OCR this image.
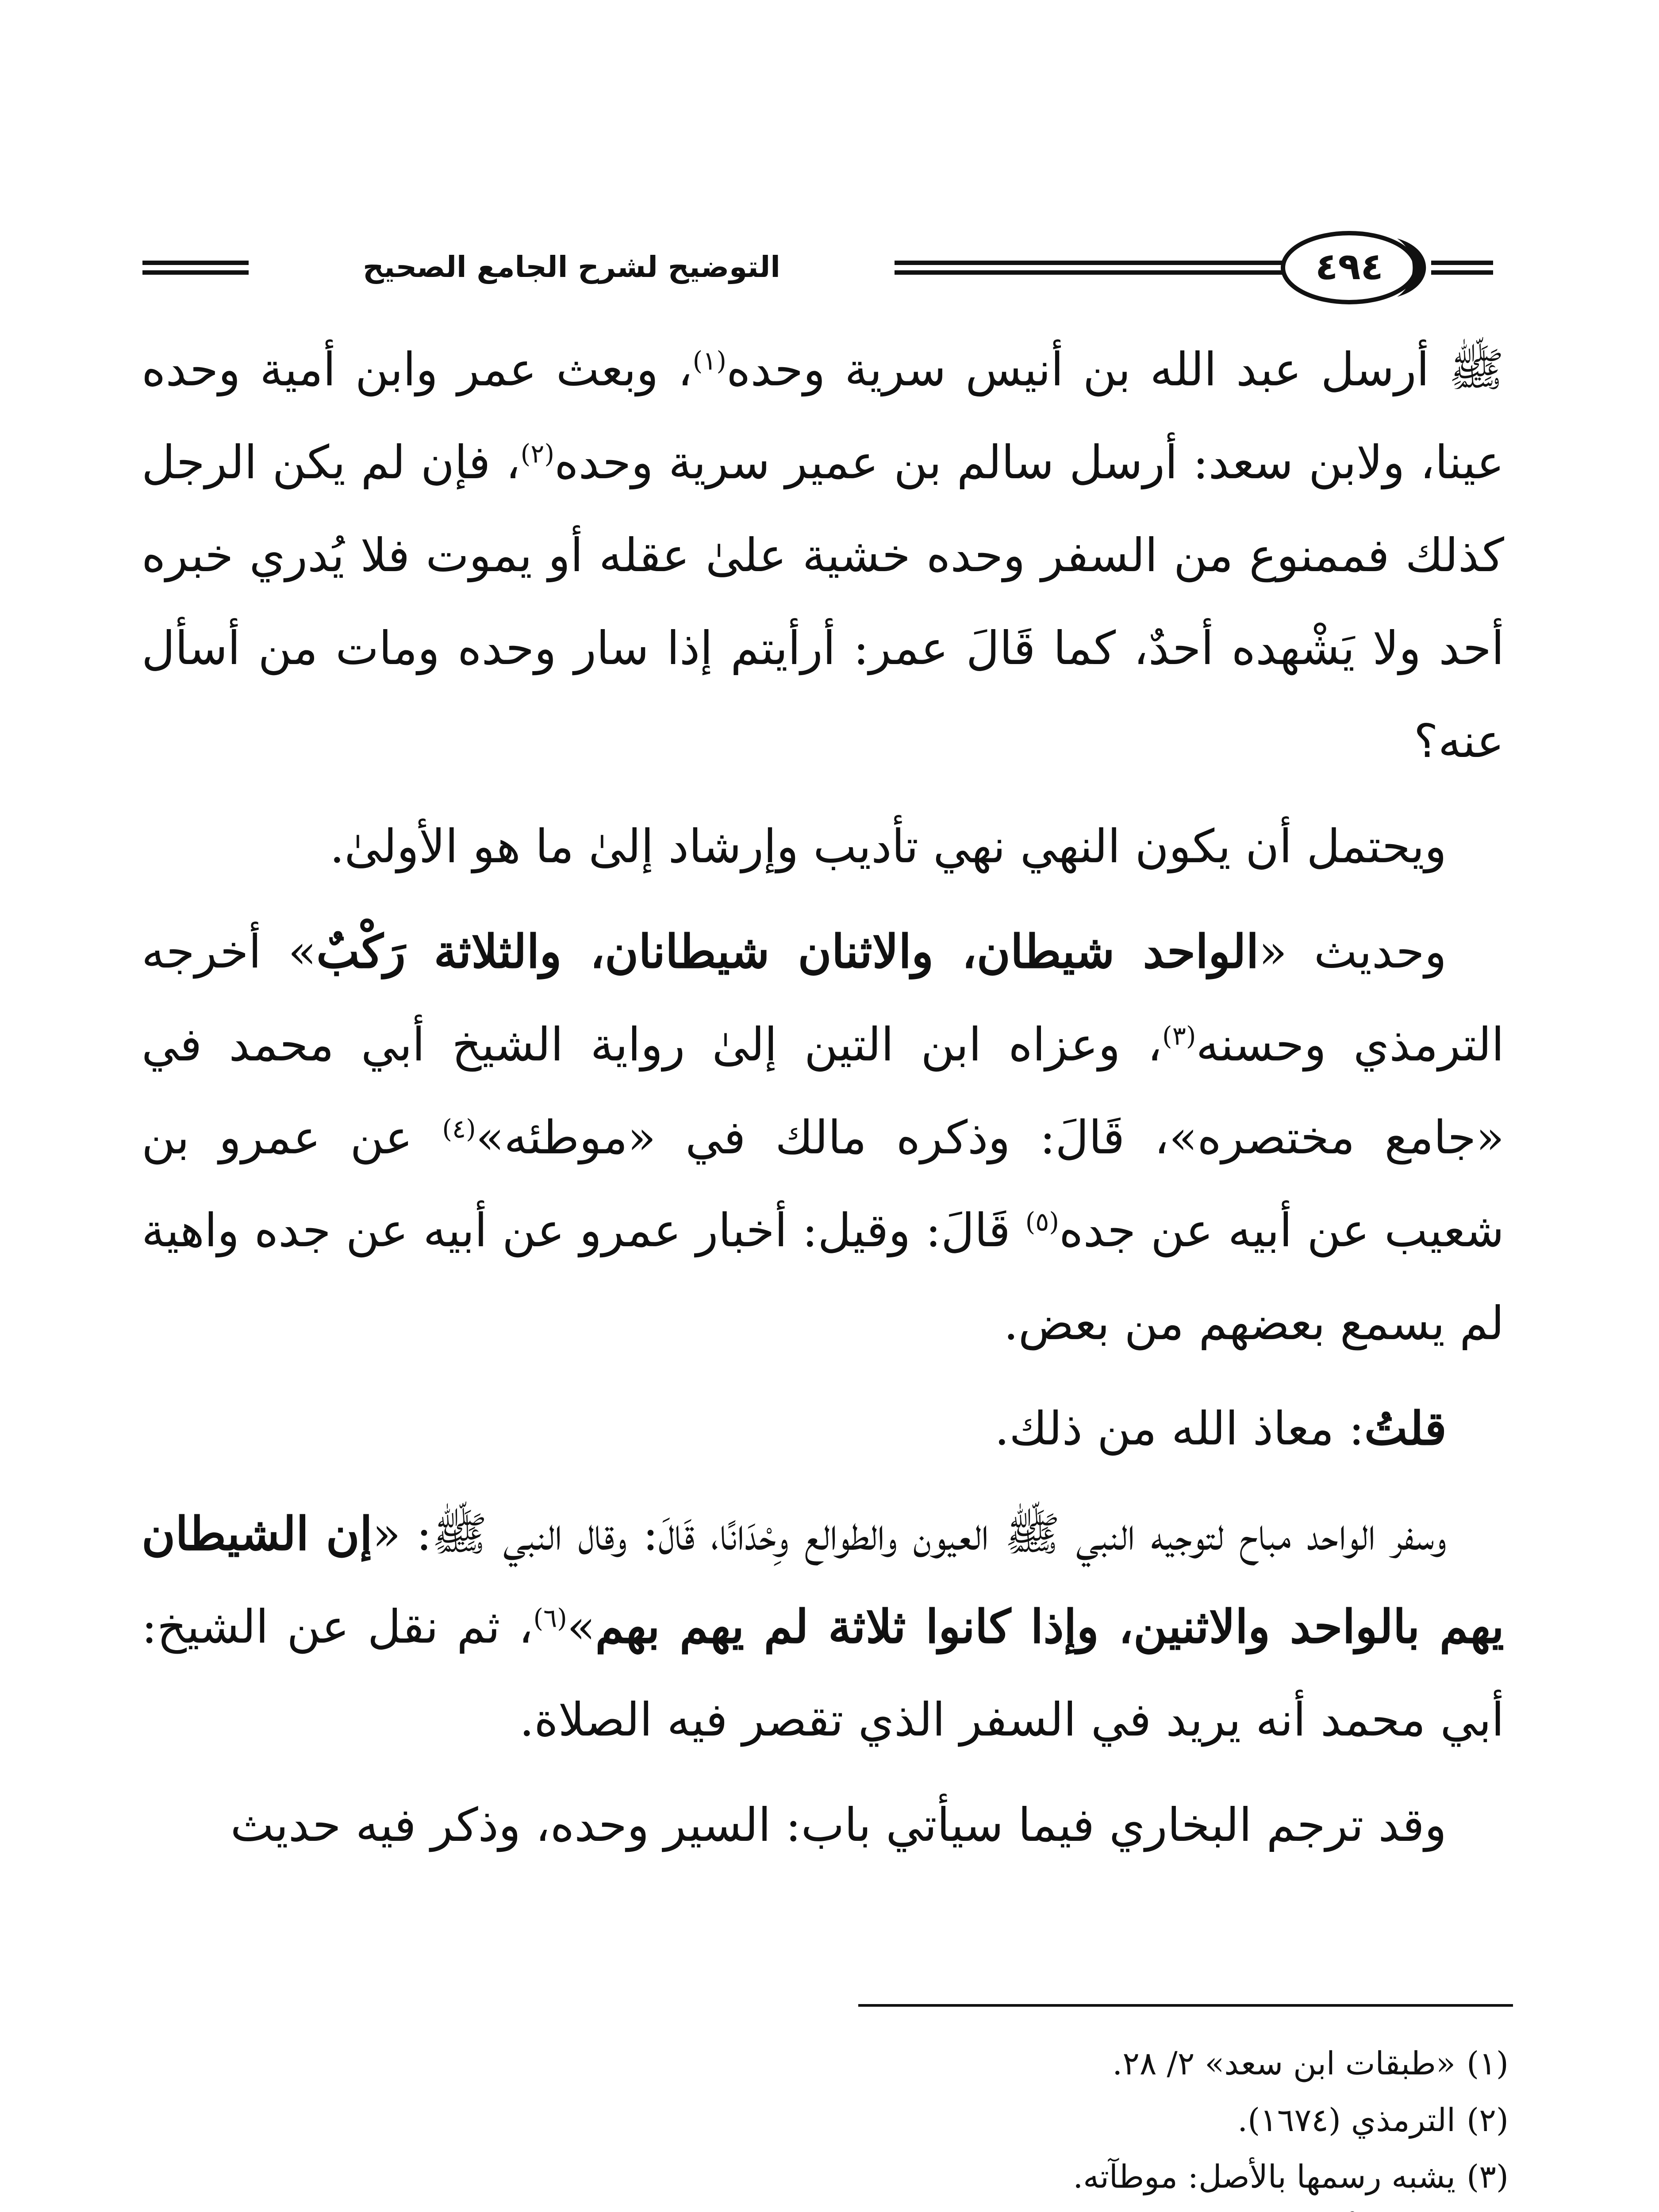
التوضيح لشرح الجامع الصحيح	٤٩٤

ﷺ أرسل عبد الله بن أنيس سرية وحده$^{(١)}$، وبعث عمر وابن أمية وحده عينا، ولابن سعد: أرسل سالم بن عمير سرية وحده$^{(٢)}$، فإن لم يكن الرجل كذلك فممنوع من السفر وحده خشية علىٰ عقله أو يموت فلا يُدري خبره أحد ولا يَشْهده أحدٌ، كما قَالَ عمر: أرأيتم إذا سار وحده ومات من أسأل عنه؟

ويحتمل أن يكون النهي نهي تأديب وإرشاد إلىٰ ما هو الأولىٰ.

وحديث «الواحد شيطان، والاثنان شيطانان، والثلاثة رَكْبٌ» أخرجه الترمذي وحسنه$^{(٣)}$، وعزاه ابن التين إلىٰ رواية الشيخ أبي محمد في «جامع مختصره»، قَالَ: وذكره مالك في «موطئه»$^{(٤)}$ عن عمرو بن شعيب عن أبيه عن جده$^{(٥)}$ قَالَ: وقيل: أخبار عمرو عن أبيه عن جده واهية لم يسمع بعضهم من بعض.

قلتُ: معاذ الله من ذلك.

وسفر الواحد مباح لتوجيه النبي ﷺ العيون والطوالع وِحْدَانًا، قَالَ: وقال النبي ﷺ: «إن الشيطان يهم بالواحد والاثنين، وإذا كانوا ثلاثة لم يهم بهم»$^{(٦)}$، ثم نقل عن الشيخ: أبي محمد أنه يريد في السفر الذي تقصر فيه الصلاة.

وقد ترجم البخاري فيما سيأتي باب: السير وحده، وذكر فيه حديث

(١)
«طبقات ابن سعد» ٢/ ٢٨.
(٢)
الترمذي (١٦٧٤).
(٣)
يشبه رسمها بالأصل: موطآته.
